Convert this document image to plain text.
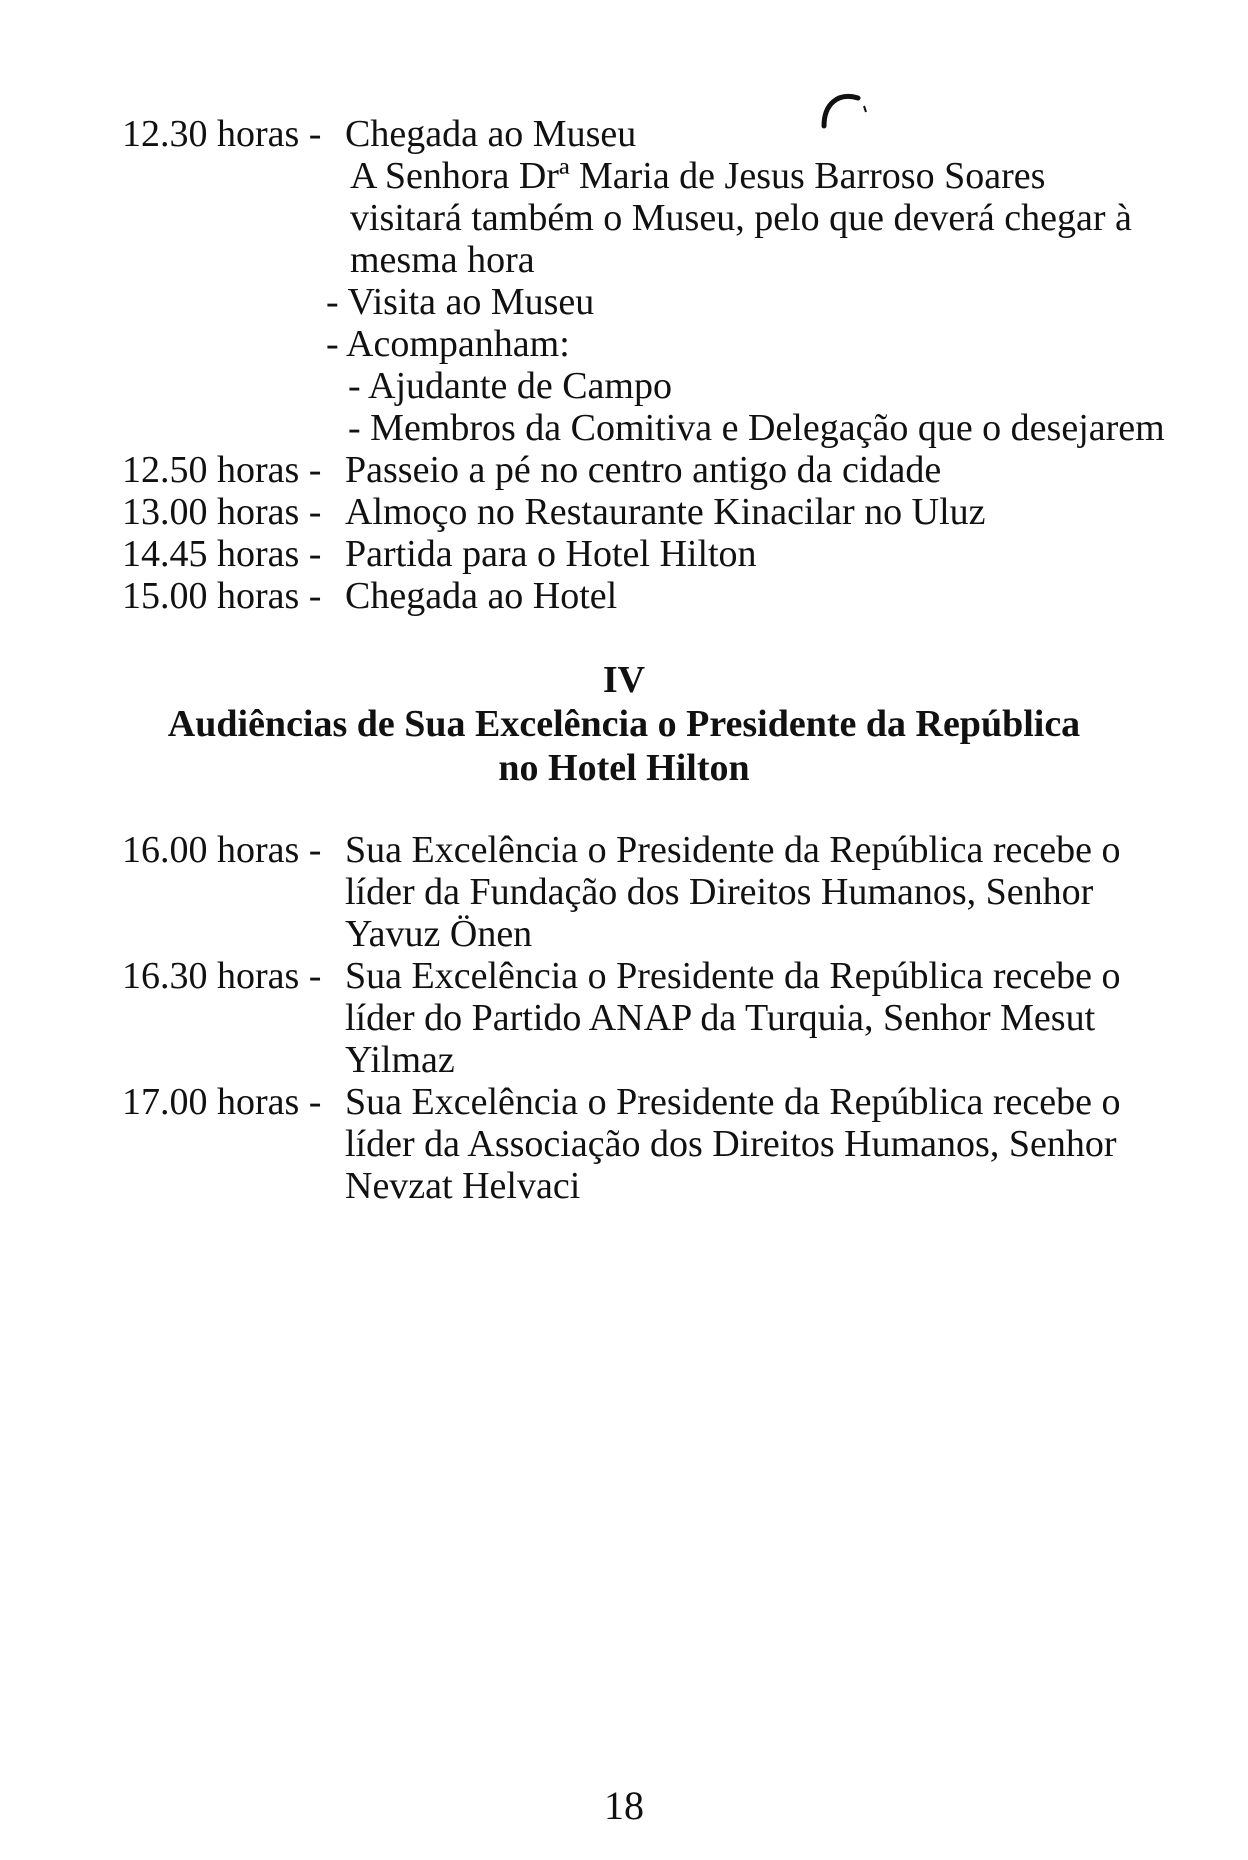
12.30 horas - Chegada ao Museu
A Senhora Drª Maria de Jesus Barroso Soares
visitará também o Museu, pelo que deverá chegar à
mesma hora
- Visita ao Museu
- Acompanham:
- Ajudante de Campo
- Membros da Comitiva e Delegação que o desejarem
12.50 horas - Passeio a pé no centro antigo da cidade
13.00 horas - Almoço no Restaurante Kinacilar no Uluz
14.45 horas - Partida para o Hotel Hilton
15.00 horas - Chegada ao Hotel
IV
Audiências de Sua Excelência o Presidente da República
no Hotel Hilton
16.00 horas - Sua Excelência o Presidente da República recebe o
líder da Fundação dos Direitos Humanos, Senhor
Yavuz Önen
16.30 horas - Sua Excelência o Presidente da República recebe o
líder do Partido ANAP da Turquia, Senhor Mesut
Yilmaz
17.00 horas - Sua Excelência o Presidente da República recebe o
líder da Associação dos Direitos Humanos, Senhor
Nevzat Helvaci
18
